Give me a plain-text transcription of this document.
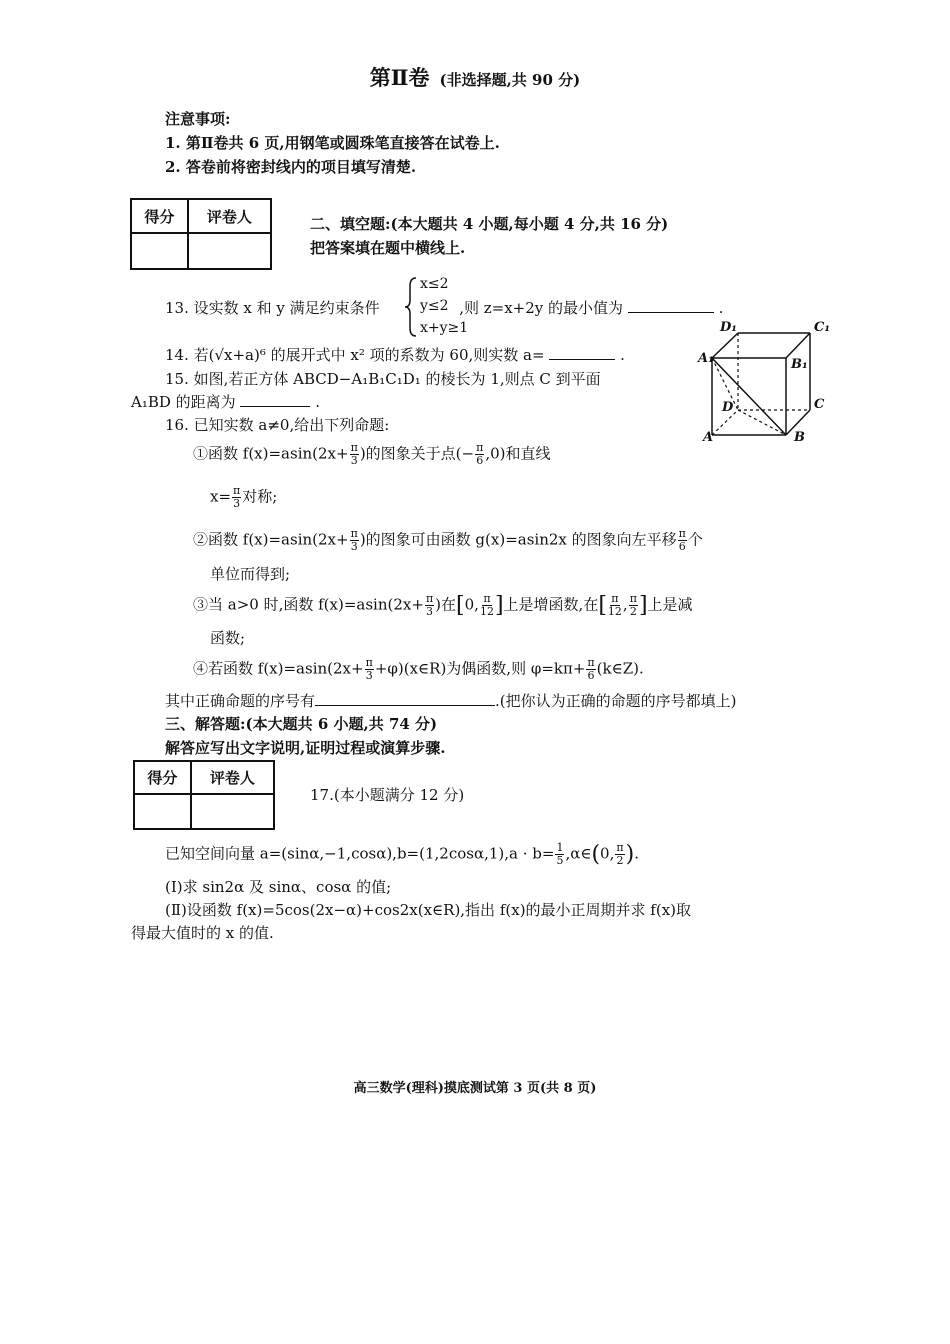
第Ⅱ卷 (非选择题,共 90 分)
注意事项:
1. 第Ⅱ卷共 6 页,用钢笔或圆珠笔直接答在试卷上.
2. 答卷前将密封线内的项目填写清楚.
得分	评卷人
		二、填空题:(本大题共 4 小题,每小题 4 分,共 16 分)
把答案填在题中横线上.
13. 设实数 x 和 y 满足约束条件	,则 z=x+2y 的最小值为	.
x≤2
y≤2
x+y≥1
14. 若(√x+a)⁶ 的展开式中 x² 项的系数为 60,则实数 a=	.
15. 如图,若正方体 ABCD−A₁B₁C₁D₁ 的棱长为 1,则点 C 到平面
A₁BD 的距离为	.
D₁	C₁
A₁	B₁
D	C
A	B
16. 已知实数 a≠0,给出下列命题:
①函数 $f(x)=asin(2x+ \frac{\pi}{3}$ )的图象关于点(− $\frac{\pi}{6} ,0$)和直线
$x= \frac{\pi}{3}$ 对称;
②函数 $f(x)=asin(2x+ \frac{\pi}{3}$ )的图象可由函数 g(x)=asin2x 的图象向左平移 $\frac{\pi}{6}$ 个
单位而得到;
③当 a>0 时,函数 $f(x)=asin(2x+ \frac{\pi}{3}$ )在[0, $\frac{\pi}{12}$ ]上是增函数,在[ $\frac{\pi}{12}$ , $\frac{\pi}{2}$ ]上是减
函数;
④若函数 $f(x)=asin(2x+ \frac{\pi}{3}$ +φ)(x∈R)为偶函数,则 $\varphi=k\pi+ \frac{\pi}{6}$ (k∈Z).
其中正确命题的序号有	.(把你认为正确的命题的序号都填上)
三、解答题:(本大题共 6 小题,共 74 分)
解答应写出文字说明,证明过程或演算步骤.
得分	评卷人

17.(本小题满分 12 分)
已知空间向量 $a=(\sin\alpha,-1,\cos\alpha),b=(1,2\cos\alpha,1),a \cdot b= \frac{1}{5}$ ,α∈(0, $\frac{\pi}{2}$ ).
(Ⅰ)求 sin2α 及 sinα、cosα 的值;
(Ⅱ)设函数 f(x)=5cos(2x−α)+cos2x(x∈R),指出 f(x)的最小正周期并求 f(x)取
得最大值时的 x 的值.
高三数学(理科)摸底测试第 3 页(共 8 页)
